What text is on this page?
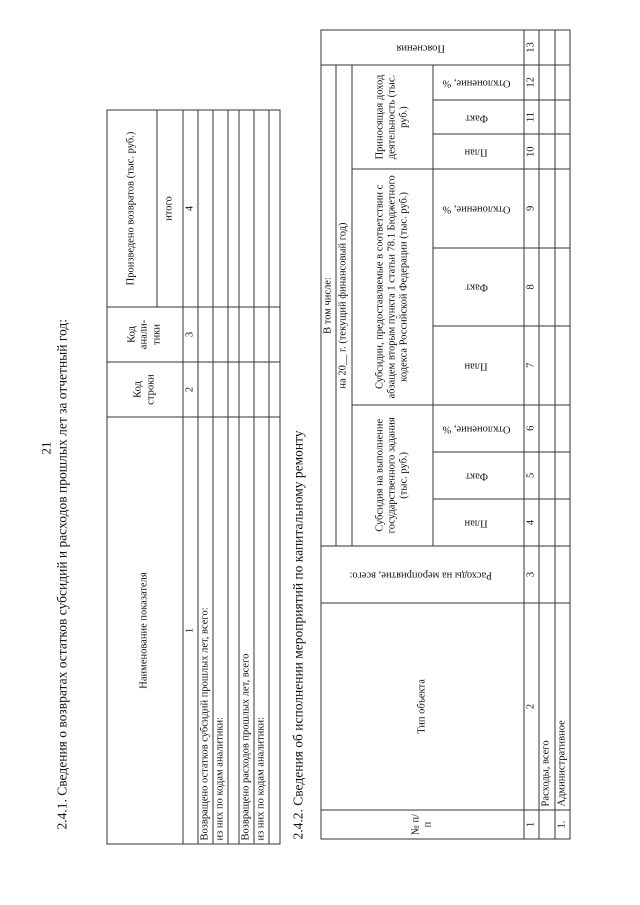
21 2.4.1. Сведения о возвратах остатков субсидий и расходов прошлых лет за отчетный год:	Наименование показателя	Код строки	Код анали- тики	Произведено возвратов (тыс. руб.)
			итого
1	2	3	4
Возвращено остатков субсидий прошлых лет, всего:			
из них по кодам аналитики:			

Возвращено расходов прошлых лет, всего			
из них по кодам аналитики:			
			2.4.2. Сведения об исполнении мероприятий по капитальному ремонту	№ п/п	Тип объекта	Расходы на мероприятие, всего:	В том числе:									Пояснения
			на 20__ г. (текущий финансовый год)									
			Субсидия на выполнение государственного задания (тыс. руб.)			Субсидии, предоставляемые в соответствии с абзацем вторым пункта 1 статьи 78.1 Бюджетного кодекса Российской Федерации (тыс. руб.)			Приносящая доход деятельность (тыс. руб.)			
			План	Факт	Отклонение, %	План	Факт	Отклонение, %	План	Факт	Отклонение, %	
1	2	3	4	5	6	7	8	9	10	11	12	13
	Расходы, всего											
1.	Административное											
